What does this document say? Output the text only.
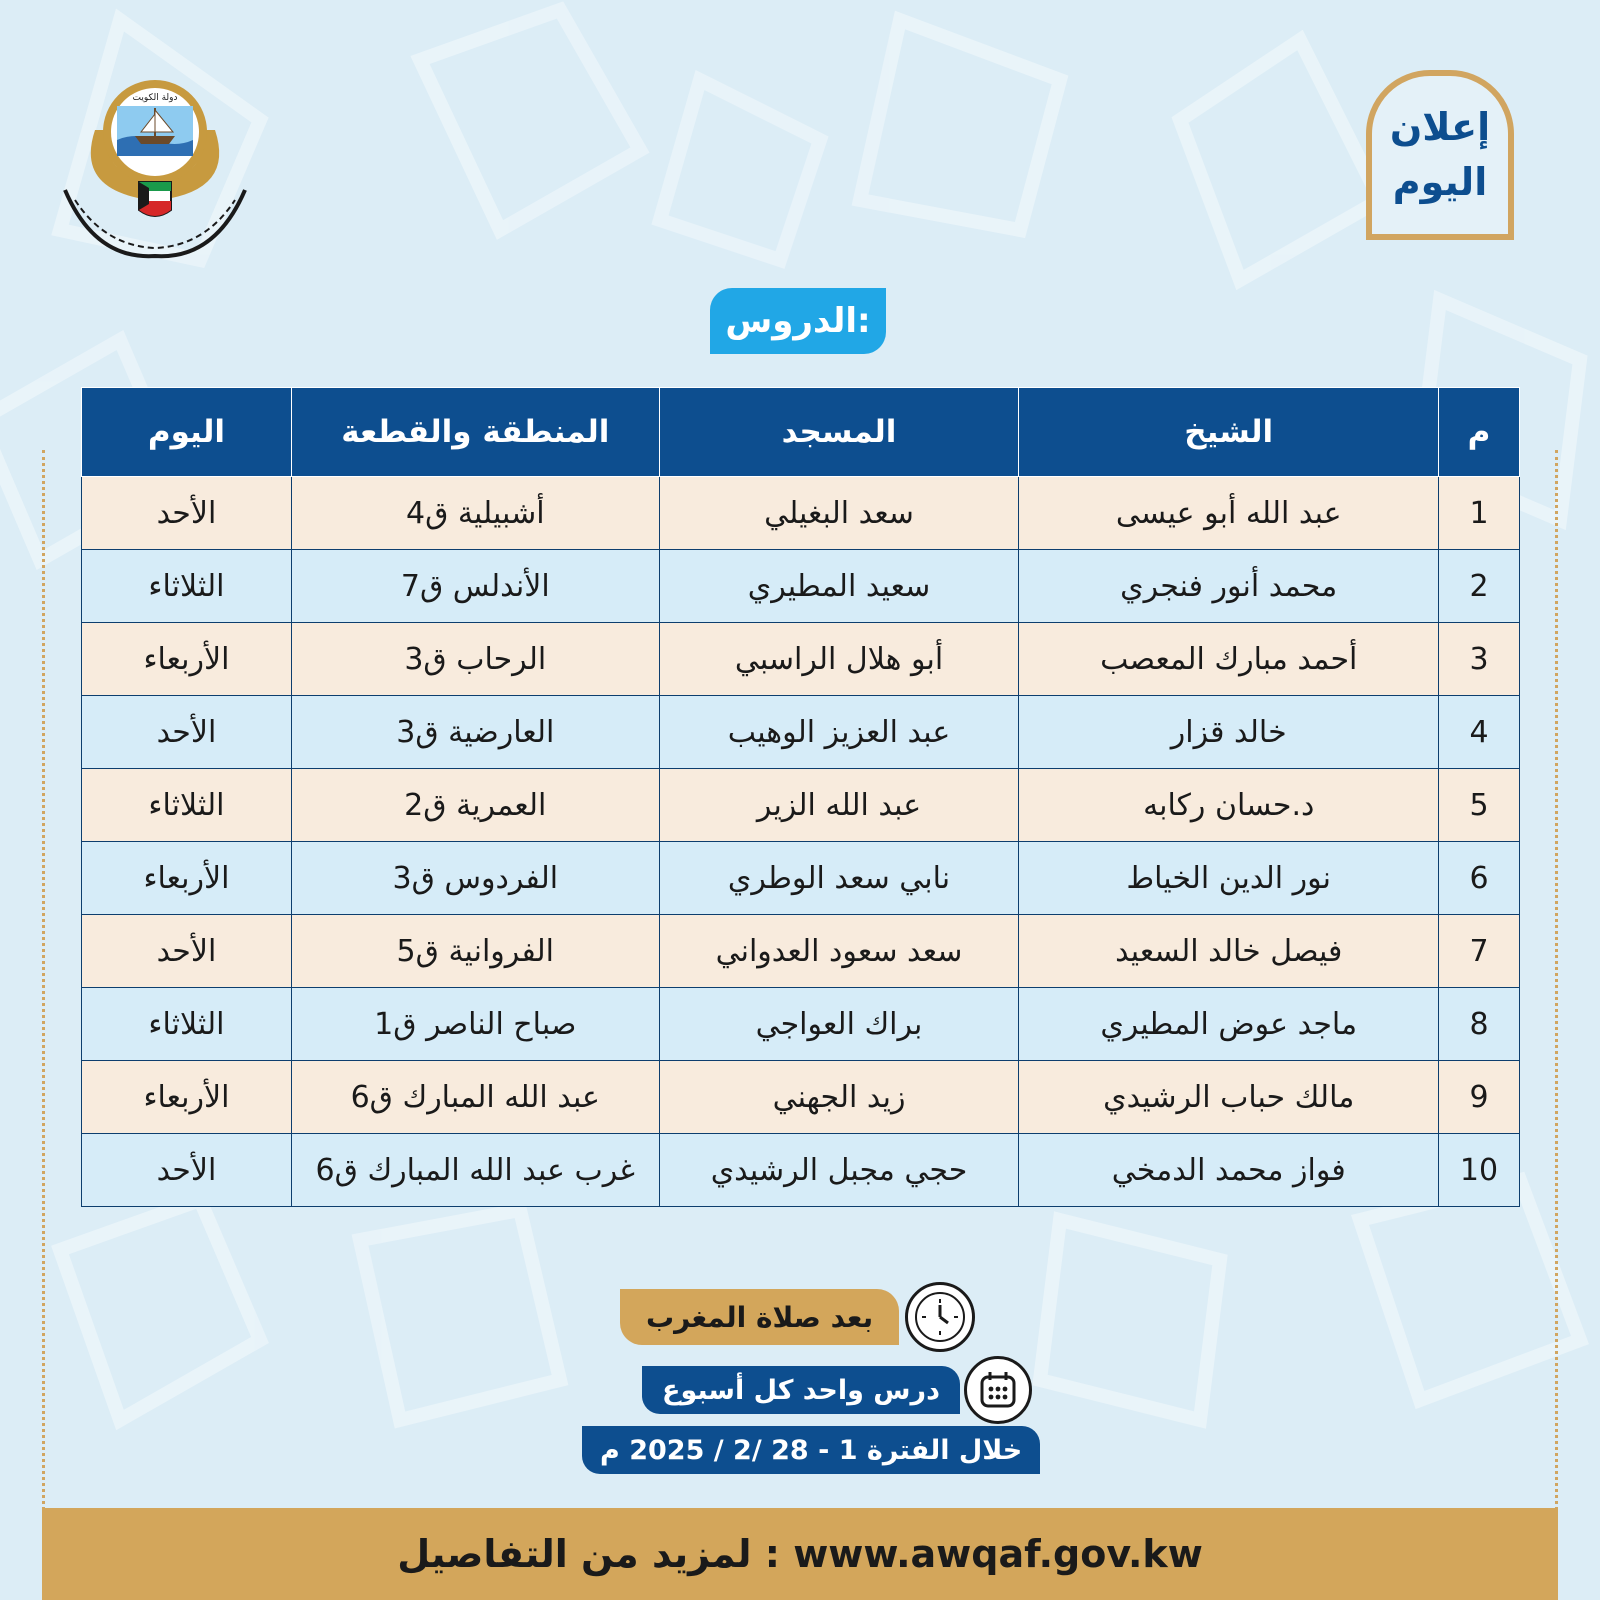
دولة الكويت
إعلان
اليوم
الدروس:
م	الشيخ	المسجد	المنطقة والقطعة	اليوم
1	عبد الله أبو عيسى	سعد البغيلي	أشبيلية ق4	الأحد
2	محمد أنور فنجري	سعيد المطيري	الأندلس ق7	الثلاثاء
3	أحمد مبارك المعصب	أبو هلال الراسبي	الرحاب ق3	الأربعاء
4	خالد قزار	عبد العزيز الوهيب	العارضية ق3	الأحد
5	د.حسان ركابه	عبد الله الزير	العمرية ق2	الثلاثاء
6	نور الدين الخياط	نابي سعد الوطري	الفردوس ق3	الأربعاء
7	فيصل خالد السعيد	سعد سعود العدواني	الفروانية ق5	الأحد
8	ماجد عوض المطيري	براك العواجي	صباح الناصر ق1	الثلاثاء
9	مالك حباب الرشيدي	زيد الجهني	عبد الله المبارك ق6	الأربعاء
10	فواز محمد الدمخي	حجي مجبل الرشيدي	غرب عبد الله المبارك ق6	الأحد
بعد صلاة المغرب
درس واحد كل أسبوع
خلال الفترة 1 - 28 /2 / 2025 م
لمزيد من التفاصيل : www.awqaf.gov.kw
